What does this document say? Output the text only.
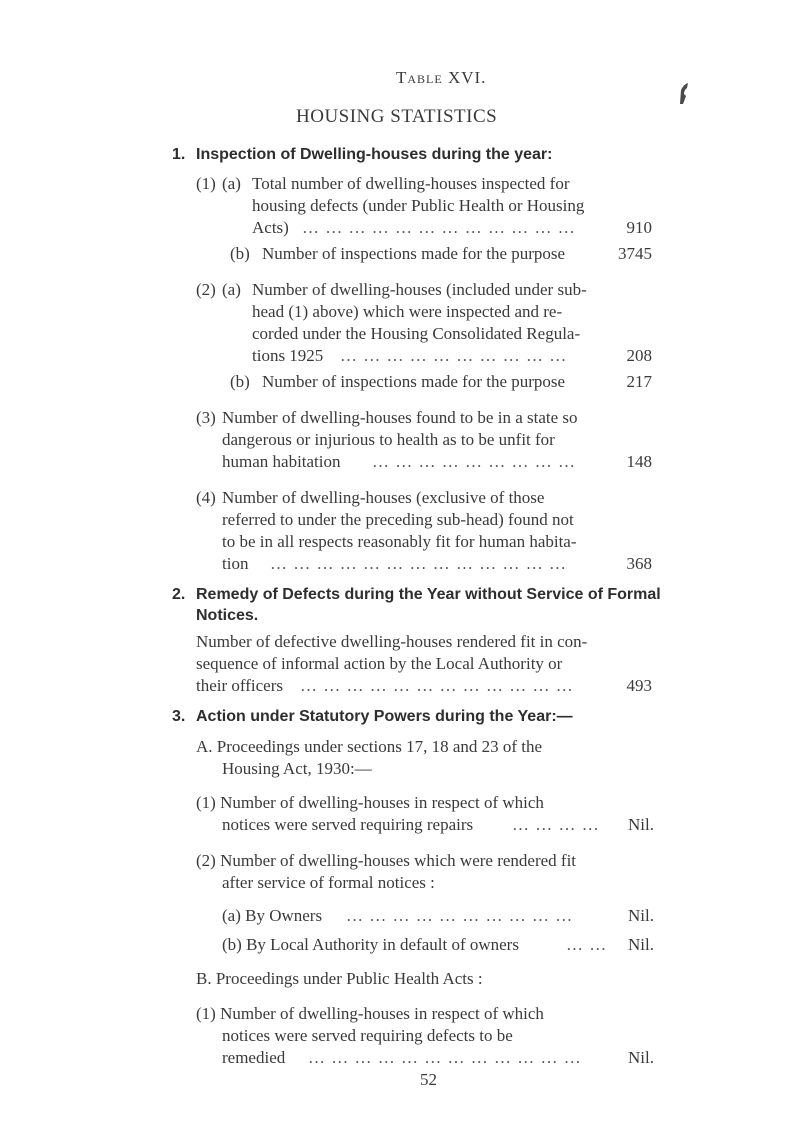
Table XVI.
HOUSING STATISTICS
1. Inspection of Dwelling-houses during the year:
(1) (a) Total number of dwelling-houses inspected for
housing defects (under Public Health or Housing
Acts) … … … … … … … … … … … …	910
(b) Number of inspections made for the purpose	3745
(2) (a) Number of dwelling-houses (included under sub-
head (1) above) which were inspected and re-
corded under the Housing Consolidated Regula-
tions 1925 … … … … … … … … … …	208
(b) Number of inspections made for the purpose	217
(3) Number of dwelling-houses found to be in a state so
dangerous or injurious to health as to be unfit for
human habitation … … … … … … … … …	148
(4) Number of dwelling-houses (exclusive of those
referred to under the preceding sub-head) found not
to be in all respects reasonably fit for human habita-
tion … … … … … … … … … … … … …	368
2. Remedy of Defects during the Year without Service of Formal
Notices.
Number of defective dwelling-houses rendered fit in con-
sequence of informal action by the Local Authority or
their officers … … … … … … … … … … … …	493
3. Action under Statutory Powers during the Year:—
A. Proceedings under sections 17, 18 and 23 of the
Housing Act, 1930:—
(1) Number of dwelling-houses in respect of which
notices were served requiring repairs … … … …	Nil.
(2) Number of dwelling-houses which were rendered fit
after service of formal notices :
(a) By Owners … … … … … … … … … …	Nil.
(b) By Local Authority in default of owners	… …	Nil.
B. Proceedings under Public Health Acts :
(1) Number of dwelling-houses in respect of which
notices were served requiring defects to be
remedied … … … … … … … … … … … …	Nil.
52
